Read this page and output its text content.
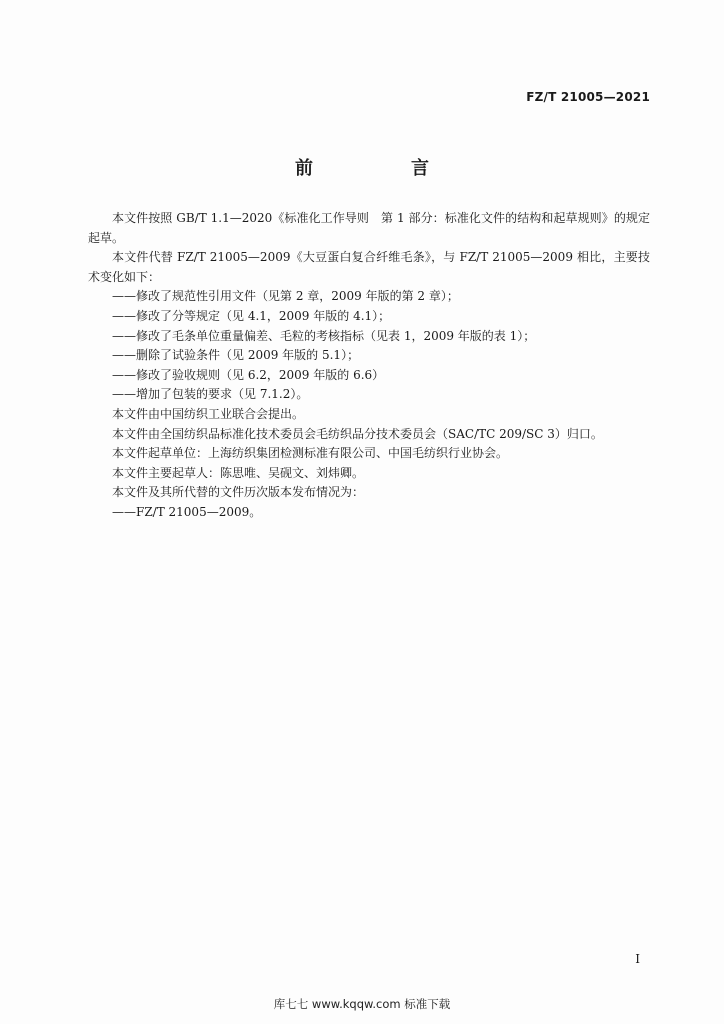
FZ/T 21005—2021
前　言

本文件按照 GB/T 1.1—2020《标准化工作导则　第 1 部分：标准化文件的结构和起草规则》的规定起草。

本文件代替 FZ/T 21005—2009《大豆蛋白复合纤维毛条》，与 FZ/T 21005—2009 相比，主要技术变化如下：

——修改了规范性引用文件（见第 2 章，2009 年版的第 2 章）；

——修改了分等规定（见 4.1，2009 年版的 4.1）；

——修改了毛条单位重量偏差、毛粒的考核指标（见表 1，2009 年版的表 1）；

——删除了试验条件（见 2009 年版的 5.1）；

——修改了验收规则（见 6.2，2009 年版的 6.6）

——增加了包装的要求（见 7.1.2）。

本文件由中国纺织工业联合会提出。

本文件由全国纺织品标准化技术委员会毛纺织品分技术委员会（SAC/TC 209/SC 3）归口。

本文件起草单位：上海纺织集团检测标准有限公司、中国毛纺织行业协会。

本文件主要起草人：陈思唯、吴砚文、刘炜卿。

本文件及其所代替的文件历次版本发布情况为：

——FZ/T 21005—2009。

I
库七七 www.kqqw.com 标准下载
